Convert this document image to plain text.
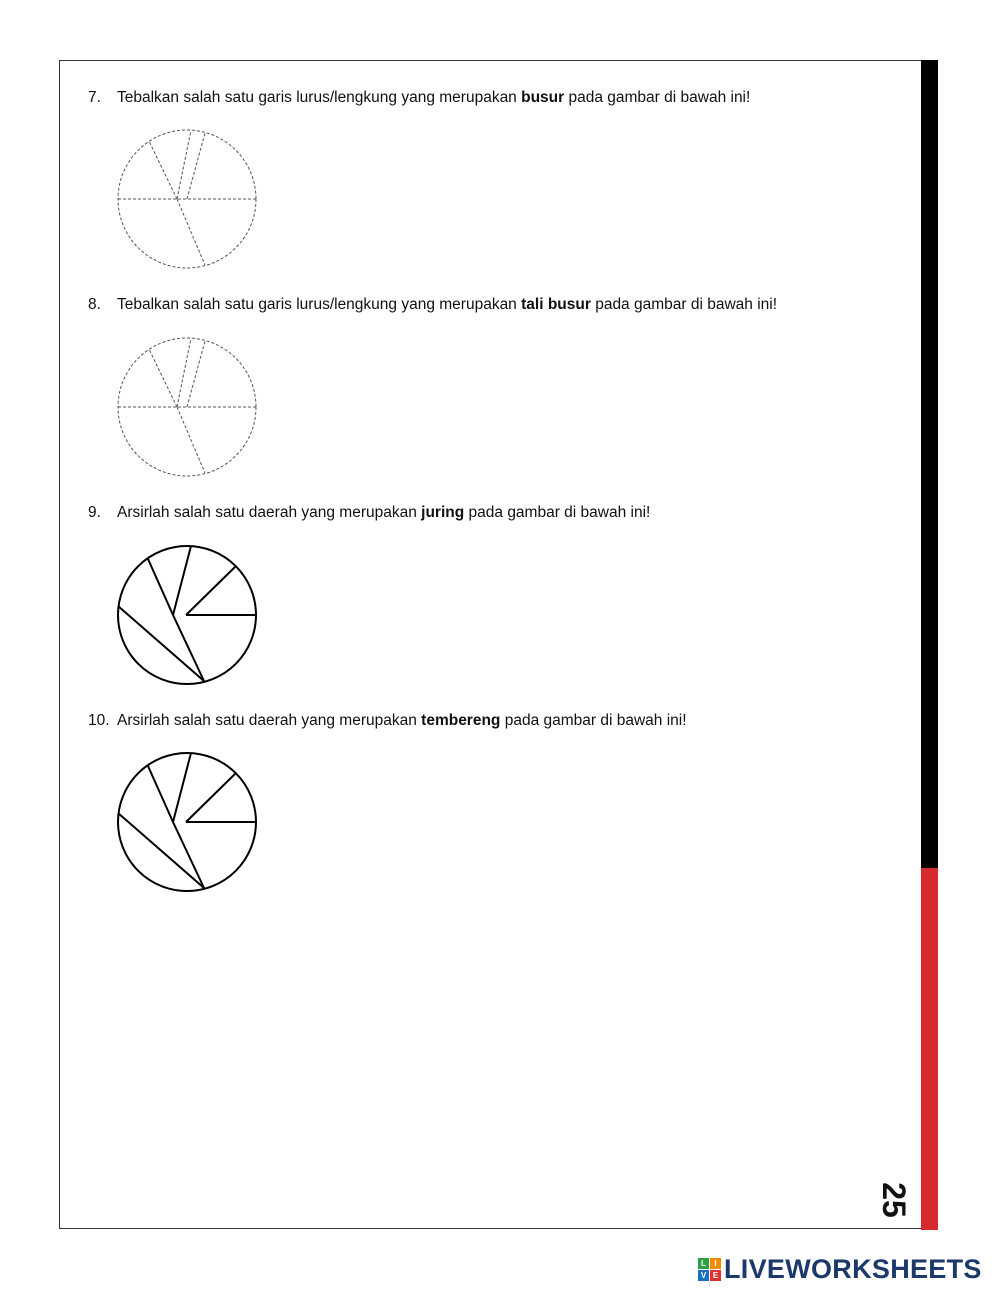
7. Tebalkan salah satu garis lurus/lengkung yang merupakan busur pada gambar di bawah ini!
8. Tebalkan salah satu garis lurus/lengkung yang merupakan tali busur pada gambar di bawah ini!
9. Arsirlah salah satu daerah yang merupakan juring pada gambar di bawah ini!
10. Arsirlah salah satu daerah yang merupakan tembereng pada gambar di bawah ini!
25
L	I
V E LIVEWORKSHEETS
